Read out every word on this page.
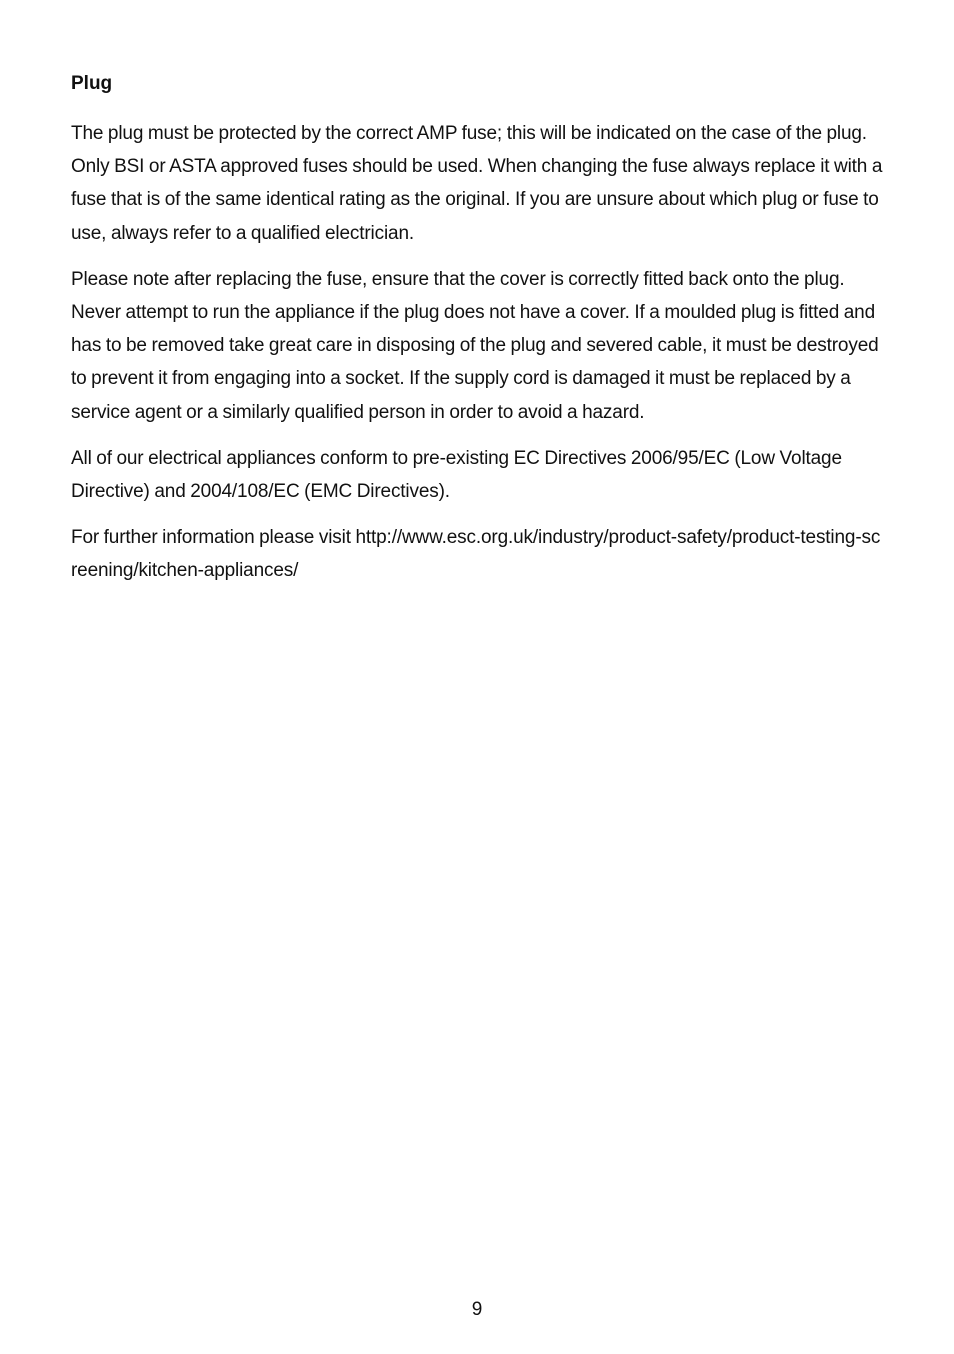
Plug

The plug must be protected by the correct AMP fuse; this will be indicated on the case of the plug. Only BSI or ASTA approved fuses should be used. When changing the fuse always replace it with a fuse that is of the same identical rating as the original. If you are unsure about which plug or fuse to use, always refer to a qualified electrician.

Please note after replacing the fuse, ensure that the cover is correctly fitted back onto the plug. Never attempt to run the appliance if the plug does not have a cover. If a moulded plug is fitted and has to be removed take great care in disposing of the plug and severed cable, it must be destroyed to prevent it from engaging into a socket. If the supply cord is damaged it must be replaced by a service agent or a similarly qualified person in order to avoid a hazard.

All of our electrical appliances conform to pre-existing EC Directives 2006/95/EC (Low Voltage Directive) and 2004/108/EC (EMC Directives).

For further information please visit http://www.esc.org.uk/industry/product-safety/product-testing-screening/kitchen-appliances/

9
